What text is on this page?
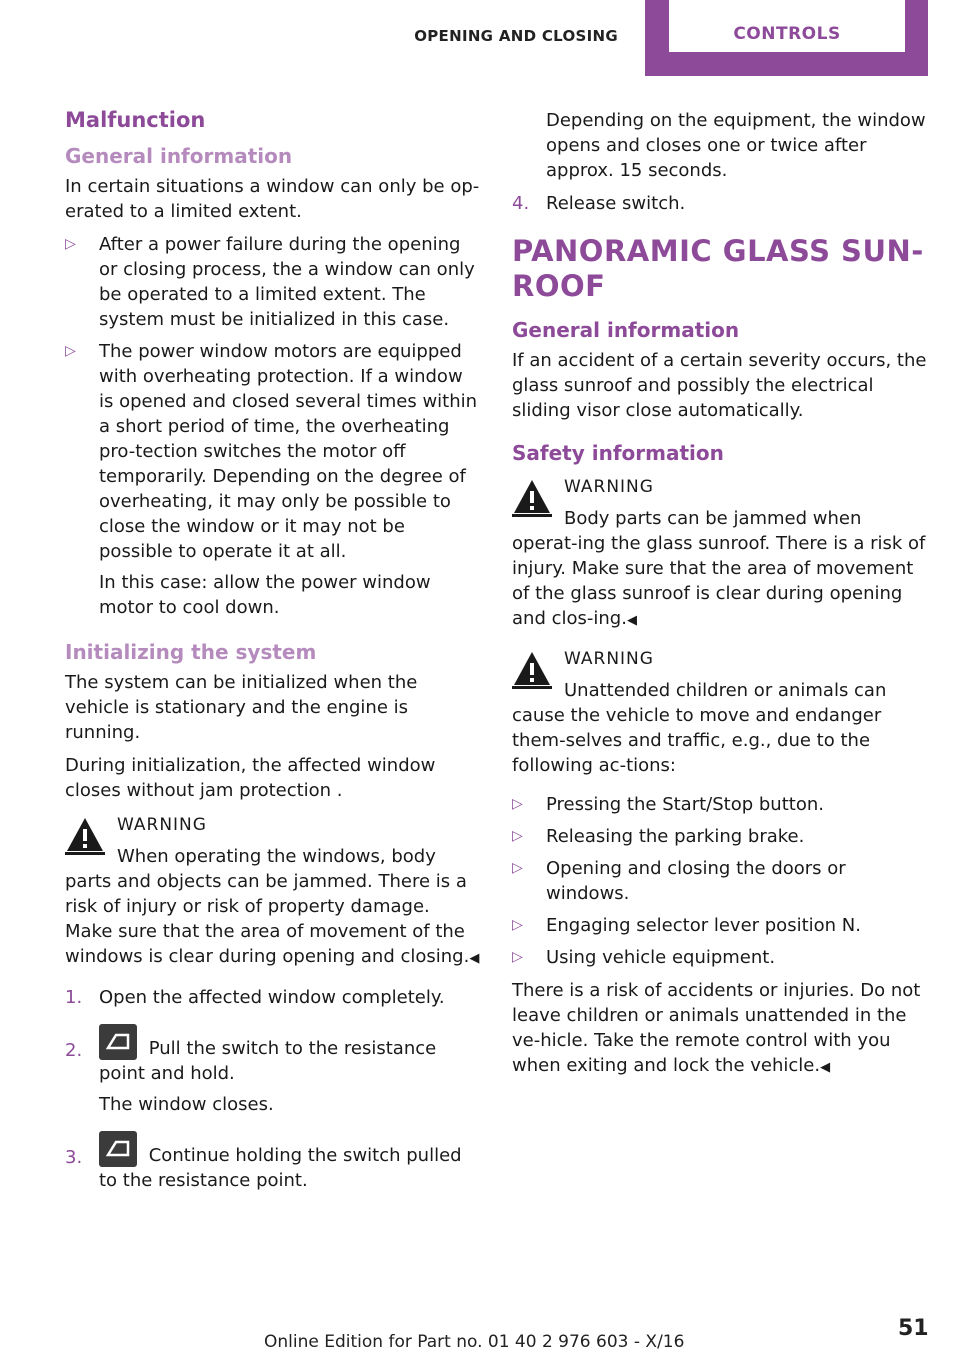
OPENING AND CLOSING	CONTROLS
Malfunction
General information

In certain situations a window can only be op-erated to a limited extent.

▷ After a power failure during the opening or closing process, the a window can only be operated to a limited extent. The system must be initialized in this case.
▷ The power window motors are equipped with overheating protection. If a window is opened and closed several times within a short period of time, the overheating pro-tection switches the motor off temporarily. Depending on the degree of overheating, it may only be possible to close the window or it may not be possible to operate it at all.

In this case: allow the power window motor to cool down.

Initializing the system

The system can be initialized when the vehicle is stationary and the engine is running.

During initialization, the affected window closes without jam protection .

WARNING
When operating the windows, body parts and objects can be jammed. There is a risk of injury or risk of property damage. Make sure that the area of movement of the windows is clear during opening and closing.◀
1. Open the affected window completely.
2.	Pull the switch to the resistance point and hold.

The window closes.

3.	Continue holding the switch pulled to the resistance point.

Depending on the equipment, the window opens and closes one or twice after approx. 15 seconds.

4. Release switch.
PANORAMIC GLASS SUN-ROOF
General information

If an accident of a certain severity occurs, the glass sunroof and possibly the electrical sliding visor close automatically.

Safety information
WARNING
Body parts can be jammed when operat-ing the glass sunroof. There is a risk of injury. Make sure that the area of movement of the glass sunroof is clear during opening and clos-ing.◀
WARNING
Unattended children or animals can cause the vehicle to move and endanger them-selves and traffic, e.g., due to the following ac-tions:
▷ Pressing the Start/Stop button.
▷ Releasing the parking brake.
▷ Opening and closing the doors or windows.
▷ Engaging selector lever position N.
▷ Using vehicle equipment.

There is a risk of accidents or injuries. Do not leave children or animals unattended in the ve-hicle. Take the remote control with you when exiting and lock the vehicle.◀

Online Edition for Part no. 01 40 2 976 603 - X/16
51
